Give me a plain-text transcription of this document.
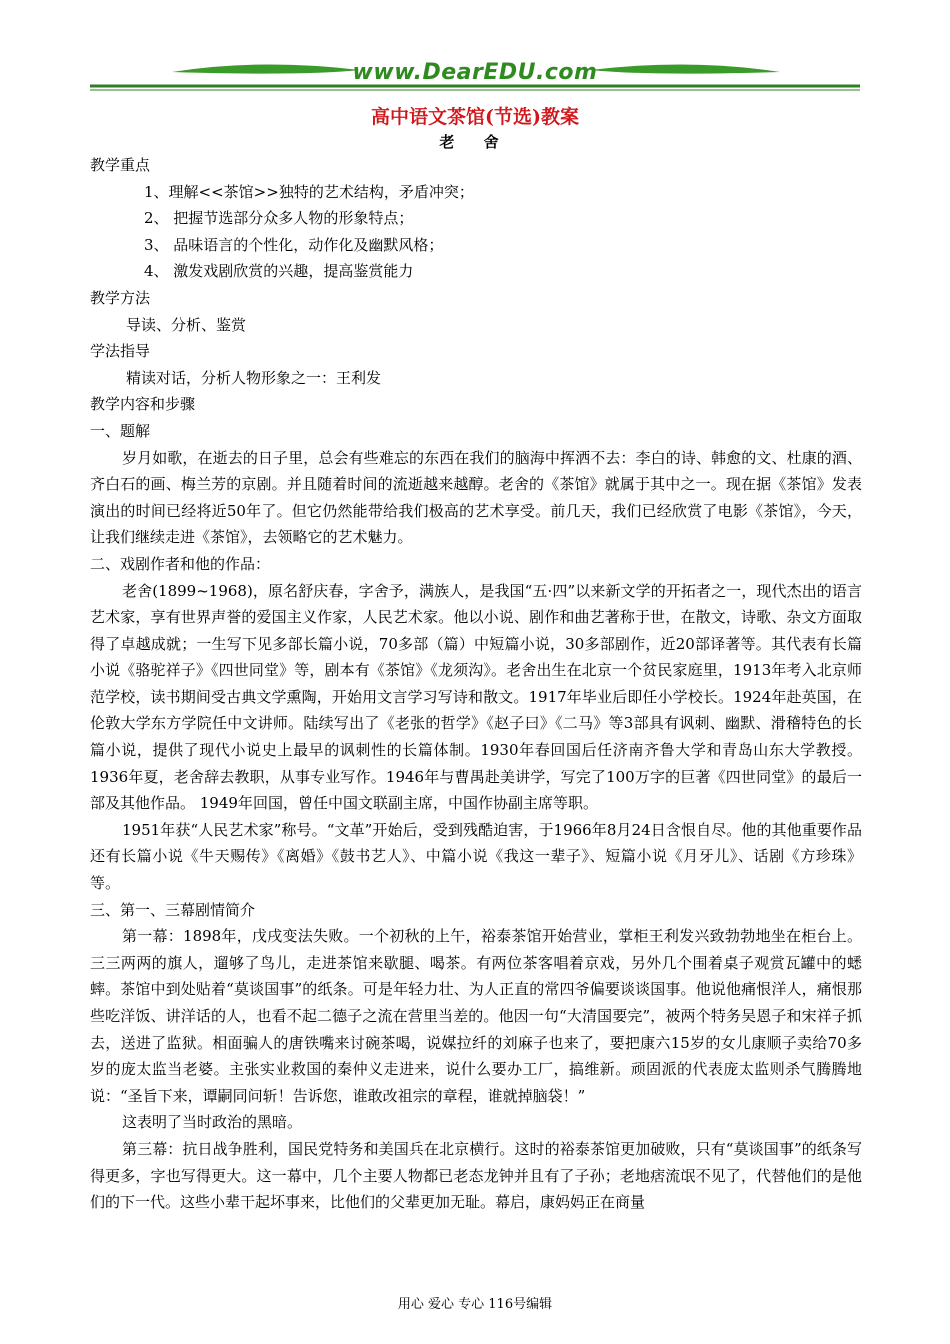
www.DearEDU.com
高中语文茶馆(节选)教案
老 舍
教学重点
1、理解<<茶馆>>独特的艺术结构，矛盾冲突；
2、 把握节选部分众多人物的形象特点；
3、 品味语言的个性化，动作化及幽默风格；
4、 激发戏剧欣赏的兴趣，提高鉴赏能力
教学方法
导读、分析、鉴赏
学法指导
精读对话，分析人物形象之一：王利发
教学内容和步骤
一、题解
岁月如歌，在逝去的日子里，总会有些难忘的东西在我们的脑海中挥洒不去：李白的诗、韩愈的文、杜康的酒、齐白石的画、梅兰芳的京剧。并且随着时间的流逝越来越醇。老舍的《茶馆》就属于其中之一。现在据《茶馆》发表演出的时间已经将近50年了。但它仍然能带给我们极高的艺术享受。前几天，我们已经欣赏了电影《茶馆》，今天，让我们继续走进《茶馆》，去领略它的艺术魅力。
二、戏剧作者和他的作品：
老舍(1899~1968)，原名舒庆春，字舍予，满族人，是我国“五·四”以来新文学的开拓者之一，现代杰出的语言艺术家，享有世界声誉的爱国主义作家，人民艺术家。他以小说、剧作和曲艺著称于世，在散文，诗歌、杂文方面取得了卓越成就；一生写下见多部长篇小说，70多部（篇）中短篇小说，30多部剧作，近20部译著等。其代表有长篇小说《骆驼祥子》《四世同堂》等，剧本有《茶馆》《龙须沟》。老舍出生在北京一个贫民家庭里，1913年考入北京师范学校，读书期间受古典文学熏陶，开始用文言学习写诗和散文。1917年毕业后即任小学校长。1924年赴英国，在伦敦大学东方学院任中文讲师。陆续写出了《老张的哲学》《赵子曰》《二马》等3部具有讽刺、幽默、滑稽特色的长篇小说，提供了现代小说史上最早的讽刺性的长篇体制。1930年春回国后任济南齐鲁大学和青岛山东大学教授。1936年夏，老舍辞去教职，从事专业写作。1946年与曹禺赴美讲学，写完了100万字的巨著《四世同堂》的最后一部及其他作品。 1949年回国，曾任中国文联副主席，中国作协副主席等职。
1951年获“人民艺术家”称号。“文革”开始后，受到残酷迫害，于1966年8月24日含恨自尽。他的其他重要作品还有长篇小说《牛天赐传》《离婚》《鼓书艺人》、中篇小说《我这一辈子》、短篇小说《月牙儿》、话剧《方珍珠》等。
三、第一、三幕剧情简介
第一幕：1898年，戊戌变法失败。一个初秋的上午，裕泰茶馆开始营业，掌柜王利发兴致勃勃地坐在柜台上。三三两两的旗人，遛够了鸟儿，走进茶馆来歇腿、喝茶。有两位茶客唱着京戏，另外几个围着桌子观赏瓦罐中的蟋蟀。茶馆中到处贴着“莫谈国事”的纸条。可是年轻力壮、为人正直的常四爷偏要谈谈国事。他说他痛恨洋人，痛恨那些吃洋饭、讲洋话的人，也看不起二德子之流在营里当差的。他因一句“大清国要完”，被两个特务吴恩子和宋祥子抓去，送进了监狱。相面骗人的唐铁嘴来讨碗茶喝，说媒拉纤的刘麻子也来了，要把康六15岁的女儿康顺子卖给70多岁的庞太监当老婆。主张实业救国的秦仲义走进来，说什么要办工厂，搞维新。顽固派的代表庞太监则杀气腾腾地说：“圣旨下来，谭嗣同问斩！告诉您，谁敢改祖宗的章程，谁就掉脑袋！”
这表明了当时政治的黑暗。
第三幕：抗日战争胜利，国民党特务和美国兵在北京横行。这时的裕泰茶馆更加破败，只有“莫谈国事”的纸条写得更多，字也写得更大。这一幕中，几个主要人物都已老态龙钟并且有了子孙；老地痞流氓不见了，代替他们的是他们的下一代。这些小辈干起坏事来，比他们的父辈更加无耻。幕启，康妈妈正在商量
用心 爱心 专心 116号编辑
